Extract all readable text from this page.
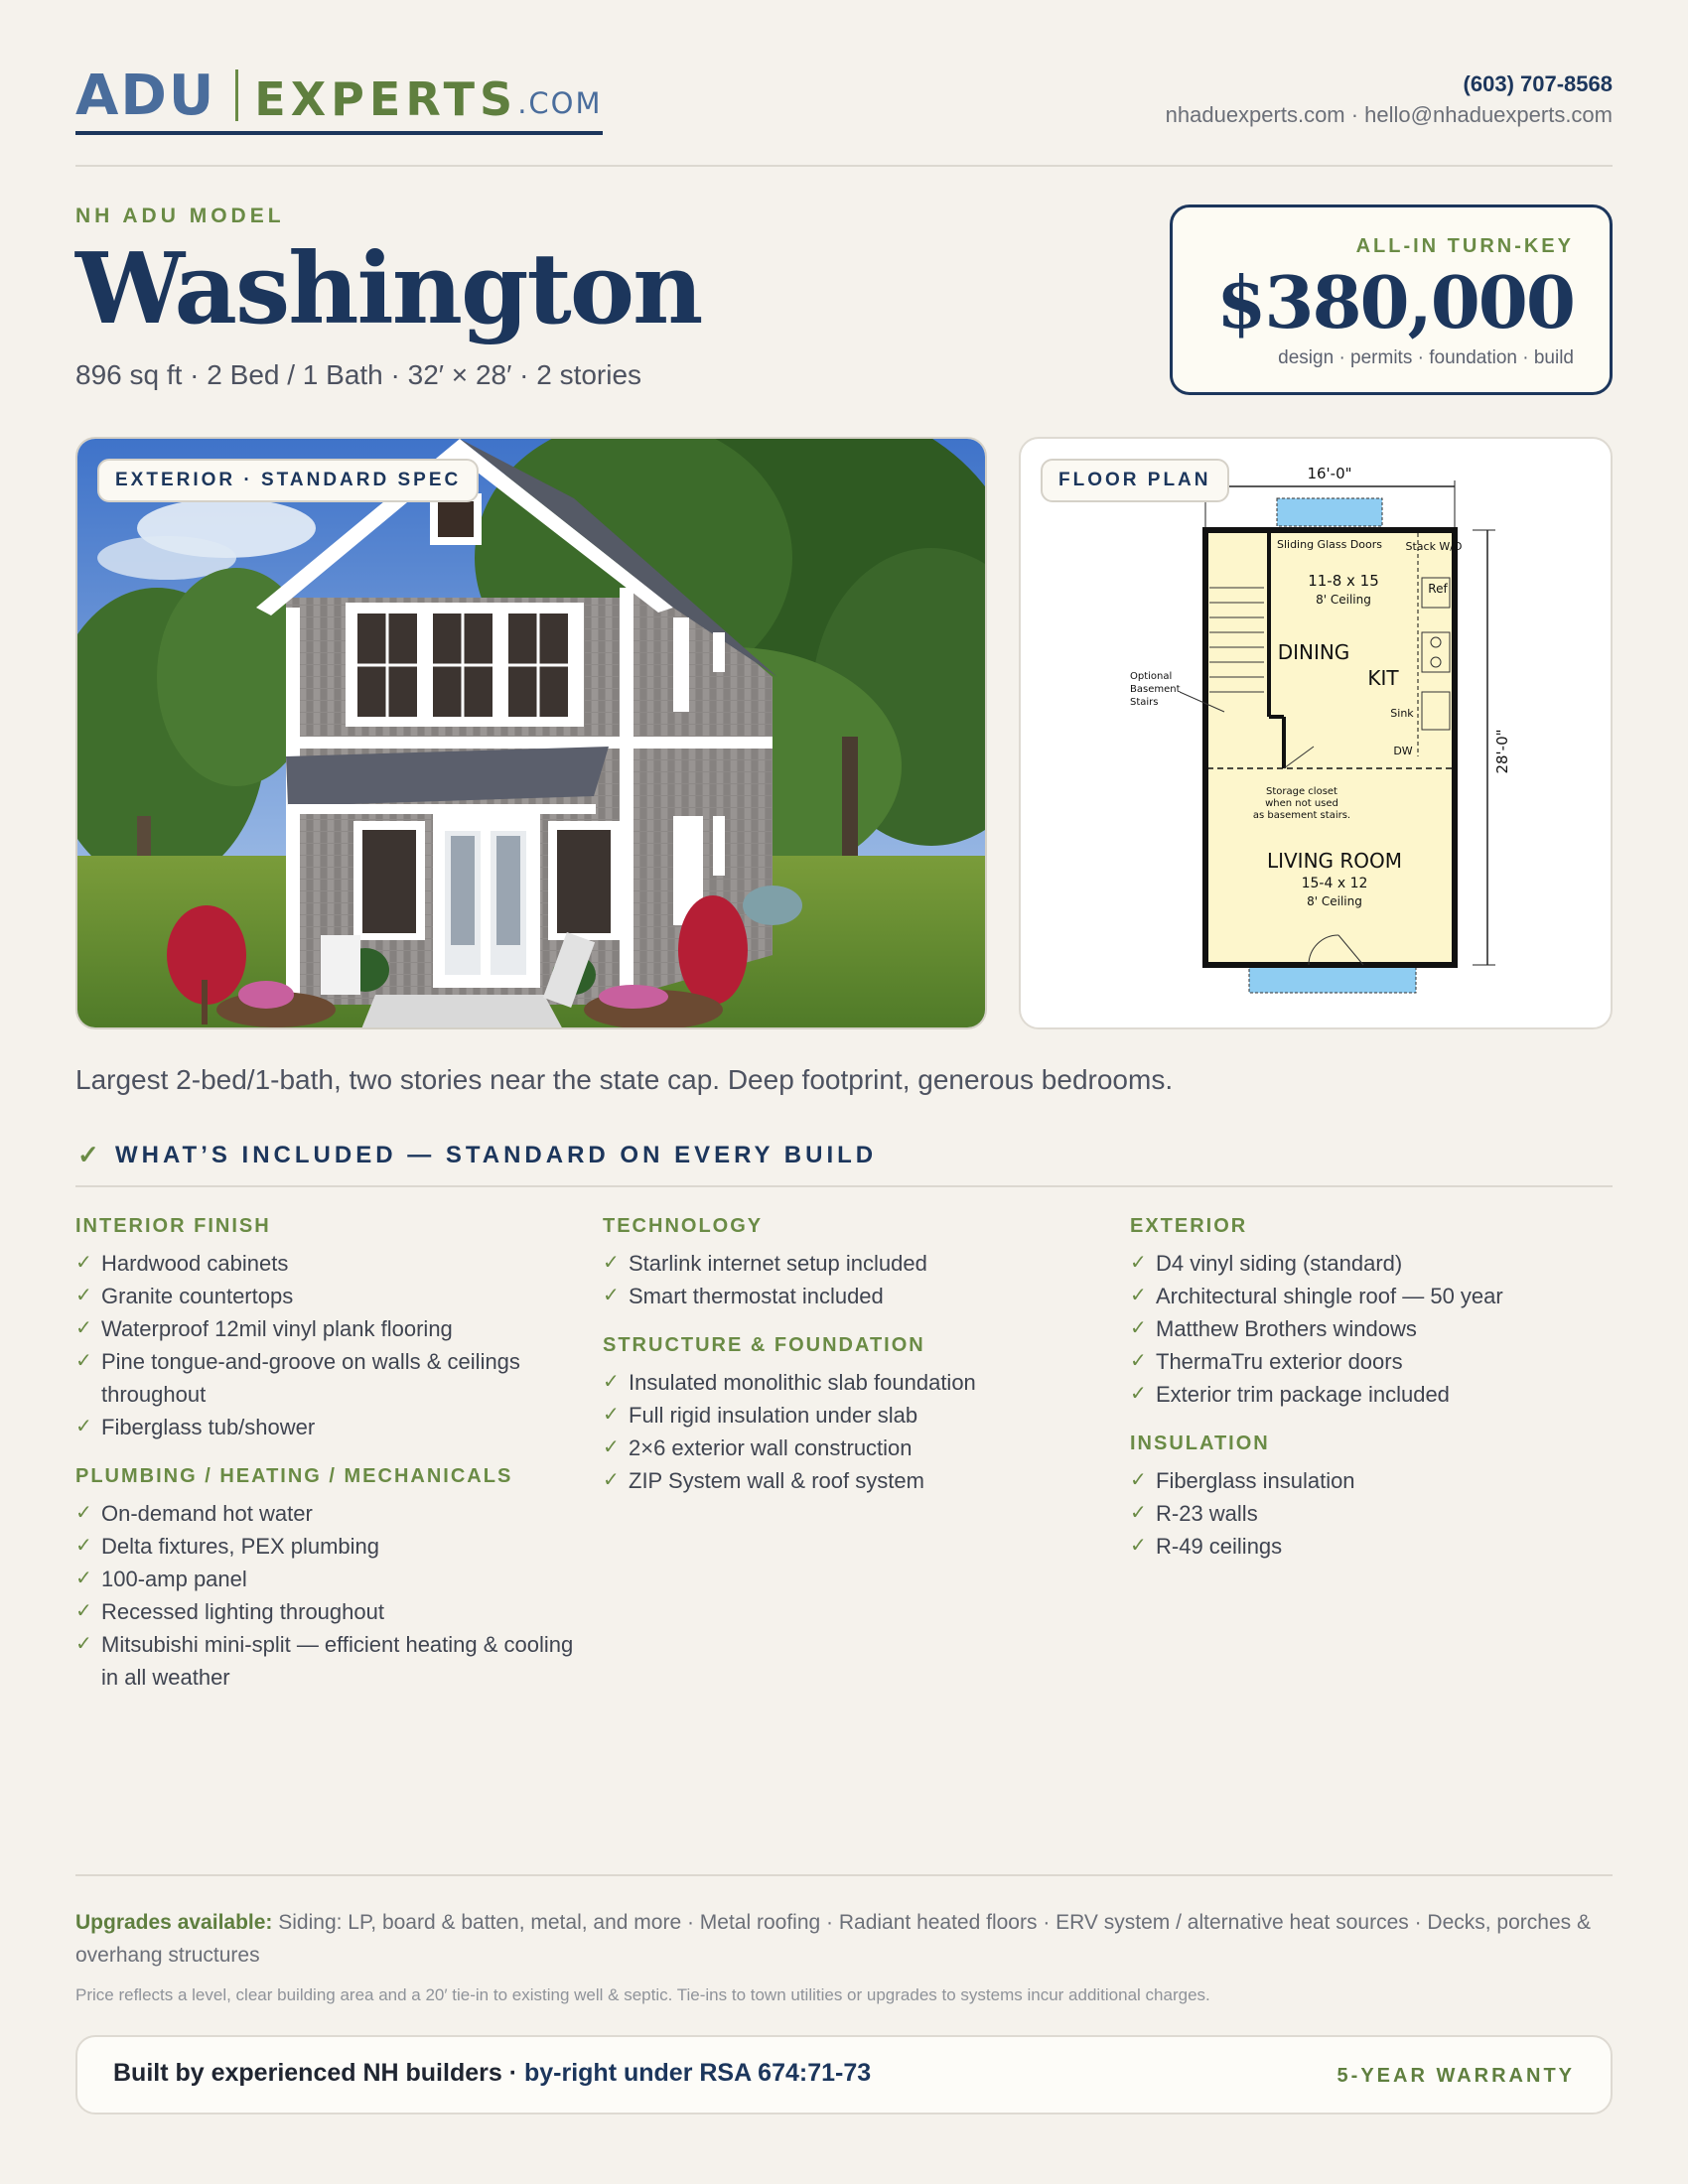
ADU EXPERTS .COM
(603) 707-8568
nhaduexperts.com · hello@nhaduexperts.com
NH ADU MODEL
Washington
896 sq ft · 2 Bed / 1 Bath · 32′ × 28′ · 2 stories
ALL-IN TURN-KEY
$380,000
design · permits · foundation · build
EXTERIOR · STANDARD SPEC	16'-0"
28'-0"
Sliding Glass Doors Stack W/D
Ref
11-8 x 15
8' Ceiling
DINING
KIT
Sink
DW
Optional
Basement
Stairs
Storage closet
when not used
as basement stairs.
LIVING ROOM
15-4 x 12
8' Ceiling
FLOOR PLAN
Largest 2-bed/1-bath, two stories near the state cap. Deep footprint, generous bedrooms.
✓ WHAT’S INCLUDED — STANDARD ON EVERY BUILD
INTERIOR FINISH
✓ Hardwood cabinets
✓ Granite countertops
✓ Waterproof 12mil vinyl plank flooring
✓ Pine tongue-and-groove on walls & ceilings throughout
✓ Fiberglass tub/shower
PLUMBING / HEATING / MECHANICALS
✓ On-demand hot water
✓ Delta fixtures, PEX plumbing
✓ 100-amp panel
✓ Recessed lighting throughout
✓ Mitsubishi mini-split — efficient heating & cooling in all weather
TECHNOLOGY
✓ Starlink internet setup included
✓ Smart thermostat included
STRUCTURE & FOUNDATION
✓ Insulated monolithic slab foundation
✓ Full rigid insulation under slab
✓ 2×6 exterior wall construction
✓ ZIP System wall & roof system
EXTERIOR
✓ D4 vinyl siding (standard)
✓ Architectural shingle roof — 50 year
✓ Matthew Brothers windows
✓ ThermaTru exterior doors
✓ Exterior trim package included
INSULATION
✓ Fiberglass insulation
✓ R-23 walls
✓ R-49 ceilings
Upgrades available: Siding: LP, board & batten, metal, and more · Metal roofing · Radiant heated floors · ERV system / alternative heat sources · Decks, porches & overhang structures
Price reflects a level, clear building area and a 20′ tie-in to existing well & septic. Tie-ins to town utilities or upgrades to systems incur additional charges.
Built by experienced NH builders · by-right under RSA 674:71-73	5-YEAR WARRANTY
